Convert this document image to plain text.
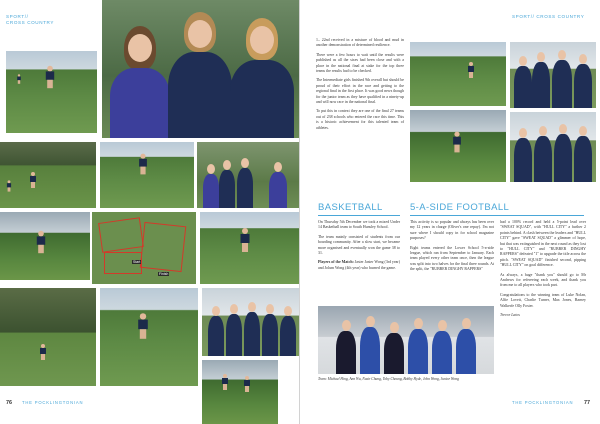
SPORT//
CROSS COUNTRY
Start
Finish
76 THE POCKLINGTONIAN
SPORT// CROSS COUNTRY

1– 22nd received in a mixture of blood and mud in another demonstration of determined resilience.

There were a few hours to wait until the results were published as all the sixes had been close and with a place in the national final at stake for the top three teams the results had to be checked.

The Intermediate girls finished 9th overall but should be proud of their effort in the race and getting to the regional final in the first place. It was good news though for the junior team as they have qualified in a ninety-up and will now race in the national final.

To put this in context they are one of the final 27 teams out of 238 schools who entered the race this time. This is a historic achievement for this talented team of athletes.

BASKETBALL

On Thursday 5th December we took a mixed Under 14 Basketball team to South Hunsley School.

The team mainly consisted of students from our boarding community. After a slow start, we became more organised and eventually won the game 38 to 31.

Players of the Match: Jaster Jaster Wong (3rd year) and Jolum Wong (4th year) who burned the game.

5-A-SIDE FOOTBALL

This activity is so popular and always has been over my 12 years in charge (Oliver's one repay). I'm not sure where I should copy in for school magazine purposes?

Eight teams entered the Lower School 5-a-side league, which ran from September to January. Each team played every other team once, then the league was split into two halves for the final three rounds. At the split, the "RUBBER DINGHY RAPPERS"

had a 100% record and held a 5-point lead over "SWEAT SQUAD", with "HULL CITY" a further 2 points behind. A clash between the leaders and "HULL CITY" gave "SWEAT SQUAD" a glimmer of hope, but that was extinguished in the next round as they lost to "HULL CITY" and "RUBBER DINGHY RAPPERS" defeated "1" to upgrade the title across the pitch. "SWEAT SQUAD" finished second, pipping "HULL CITY" on goal difference.

As always, a huge "thank you" should go to Mr Andrews for refereeing each week, and thank you from me to all players who took part.

Congratulations to the winning team of Luke Nolan, Alfie Lovett, Charlie Turner, Max Jones, Barney Walkerfe Olly Foster.

Trevor Latos

Team: Michael Hing, Ann Wu, Nasir Chung, Toby Cheung, Bobby Hyde, John Wong, Junior Wong
THE POCKLINGTONIAN 77
